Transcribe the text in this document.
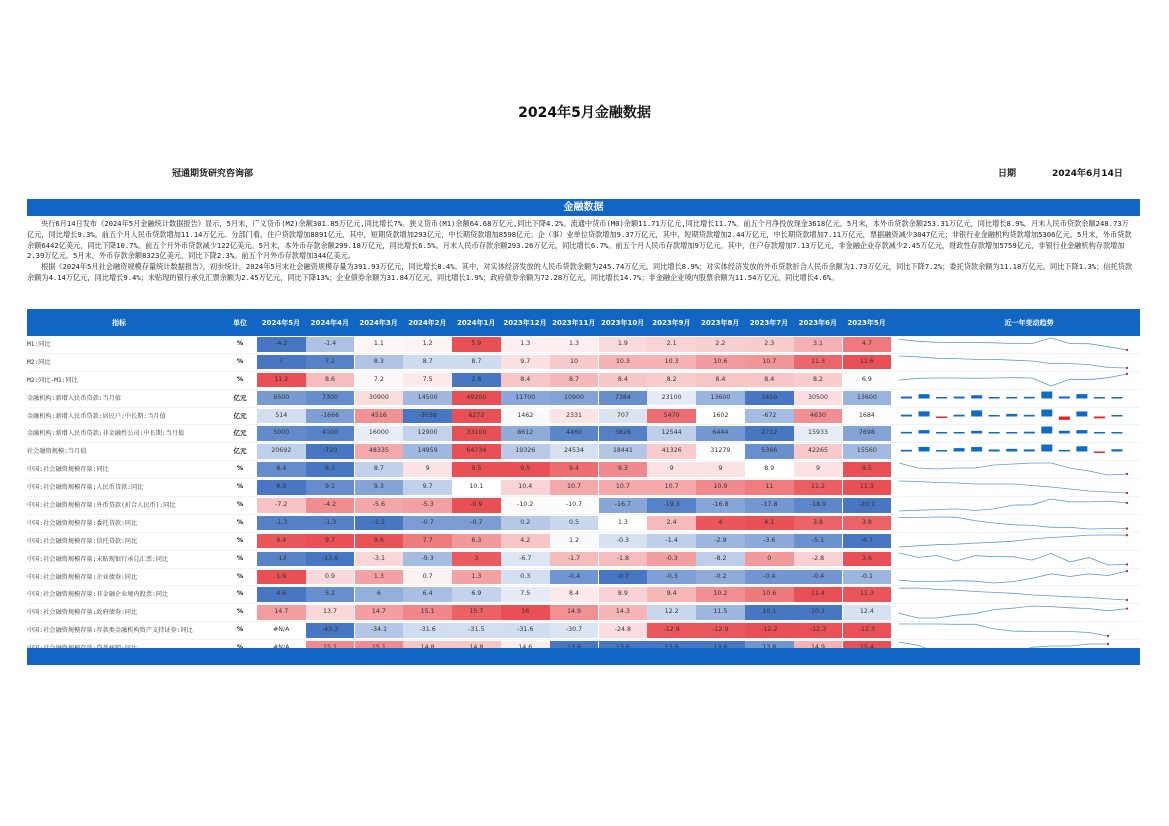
2024年5月金融数据
冠通期货研究咨询部	日期	2024年6月14日
金融数据

央行6月14日发布《2024年5月金融统计数据报告》显示，5月末，广义货币(M2)余额301.85万亿元,同比增长7%。狭义货币(M1)余额64.68万亿元,同比下降4.2%。流通中货币(M0)余额11.71万亿元,同比增长11.7%。前五个月净投放现金3618亿元。5月末，本外币贷款余额253.31万亿元，同比增长8.9%。月末人民币贷款余额248.73万亿元，同比增长9.3%。前五个月人民币贷款增加11.14万亿元。分部门看，住户贷款增加8891亿元，其中，短期贷款增加293亿元，中长期贷款增加8598亿元；企（事）业单位贷款增加9.37万亿元，其中，短期贷款增加2.44万亿元，中长期贷款增加7.11万亿元，票据融资减少3047亿元；非银行业金融机构贷款增加5306亿元。5月末，外币贷款余额6442亿美元，同比下降10.7%。前五个月外币贷款减少122亿美元。5月末，本外币存款余额299.18万亿元，同比增长6.5%。月末人民币存款余额293.26万亿元，同比增长6.7%。前五个月人民币存款增加9万亿元。其中，住户存款增加7.13万亿元，非金融企业存款减少2.45万亿元，财政性存款增加5759亿元，非银行业金融机构存款增加2.39万亿元。5月末，外币存款余额8323亿美元，同比下降2.3%。前五个月外币存款增加344亿美元。

根据《2024年5月社会融资规模存量统计数据报告》，初步统计，2024年5月末社会融资规模存量为391.93万亿元，同比增长8.4%。其中，对实体经济发放的人民币贷款余额为245.74万亿元，同比增长8.9%；对实体经济发放的外币贷款折合人民币余额为1.73万亿元，同比下降7.2%；委托贷款余额为11.18万亿元，同比下降1.3%；信托贷款余额为4.14万亿元，同比增长9.4%；未贴现的银行承兑汇票余额为2.45万亿元，同比下降13%；企业债券余额为31.84万亿元，同比增长1.9%；政府债券余额为72.28万亿元，同比增长14.7%；非金融企业境内股票余额为11.54万亿元，同比增长4.6%。

指标	单位	近一年变动趋势
2024年5月	2024年4月	2024年3月	2024年2月	2024年1月	2023年12月 2023年11月 2023年10月	2023年9月	2023年8月	2023年7月	2023年6月	2023年5月
M1:同比	%	-4.2	-1.4	1.1	1.2	5.9	1.3	1.3	1.9	2.1	2.2	2.3	3.1	4.7
M2:同比	%	7	7.2	8.3	8.7	8.7	9.7	10	10.3	10.3	10.6	10.7	11.3	11.6
M2:同比-M1:同比	%	11.2	8.6	7.2	7.5	2.8	8.4	8.7	8.4	8.2	8.4	8.4	8.2	6.9
金融机构:新增人民币贷款:当月值	亿元	9500	7300	30900	14500	49200	11700	10900	7384	23100	13600	3459	30500	13600
金融机构:新增人民币贷款:居民户:中长期:当月值	亿元	514	-1666	4516	-3038	6272	1462	2331	707	5470	1602	-672	4630	1684
金融机构:新增人民币贷款:非金融性公司:中长期:当月值	亿元	5000	4100	16000	12900	33100	8612	4460	3828	12544	6444	2712	15933	7698
社会融资规模:当月值	亿元	20692	-720	48335	14959	64734	19326	24534	18441	41326	31279	5366	42265	15560
中国:社会融资规模存量:同比	%	8.4	8.3	8.7	9	9.5	9.5	9.4	9.3	9	9	8.9	9	9.5
中国:社会融资规模存量:人民币贷款:同比	%	8.9	9.1	9.3	9.7	10.1	10.4	10.7	10.7	10.7	10.9	11	11.2	11.3
中国:社会融资规模存量:外币贷款(折合人民币):同比	%	-7.2	-4.2	-5.6	-5.3	-0.9	-10.2	-10.7	-16.7	-19.3	-16.8	-17.8	-18.9	-20.1
中国:社会融资规模存量:委托贷款:同比	%	-1.3	-1.3	-1.5	-0.7	-0.7	0.2	0.5	1.3	2.4	4	4.1	3.8	3.8
中国:社会融资规模存量:信托贷款:同比	%	9.4	9.7	9.6	7.7	6.3	4.2	1.2	-0.3	-1.4	-2.9	-3.6	-5.1	-6.7
中国:社会融资规模存量:未贴现银行承兑汇票:同比	%	-13	-13.8	-3.1	-9.3	3	-6.7	-1.7	-1.8	-0.3	-8.2	0	-2.8	3.6
中国:社会融资规模存量:企业债券:同比	%	1.9	0.9	1.3	0.7	1.3	0.3	-0.4	-0.7	-0.3	-0.2	-0.4	-0.4	-0.1
中国:社会融资规模存量:非金融企业境内股票:同比	%	4.6	5.2	6	6.4	6.9	7.5	8.4	8.9	9.4	10.2	10.6	11.4	11.3
中国:社会融资规模存量:政府债券:同比	%	14.7	13.7	14.7	15.1	15.7	16	14.9	14.3	12.2	11.5	10.1	10.1	12.4
中国:社会融资规模存量:存款类金融机构资产支持证券:同比	%	#N/A	-43.3	-34.1	-31.6	-31.5	-31.6	-30.7	-24.8	-12.9	-12.9	-12.2	-12.3	-12.3
